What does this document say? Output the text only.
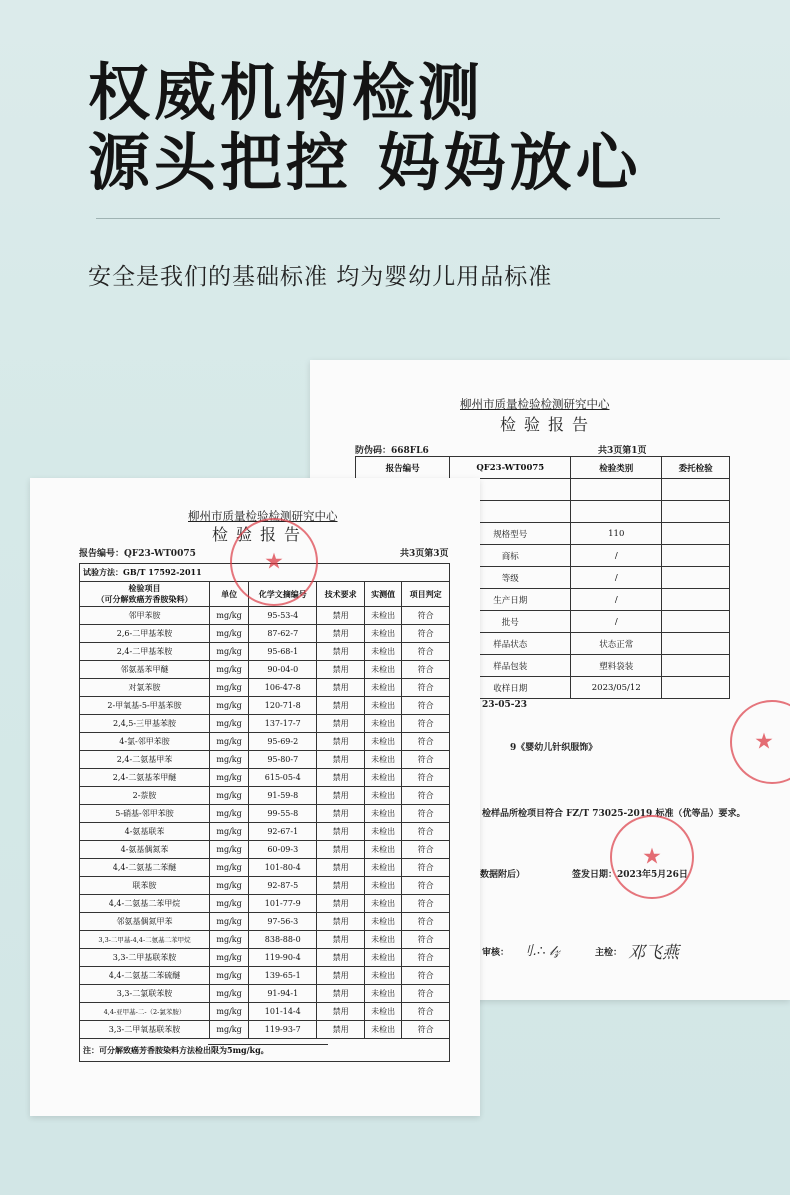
权威机构检测
源头把控 妈妈放心
安全是我们的基础标准 均为婴幼儿用品标准
柳州市质量检验检测研究中心
检验报告
防伪码：668FL6	共3页第1页
报告编号	QF23-WT0075	检验类别	委托检验

	规格型号	110	
	商标	/	
	等级	/	
	生产日期	/	
	批号	/	
	样品状态	状态正常	
	样品包装	塑料袋装	
	收样日期	2023/05/12	
23-05-23
9《婴幼儿针织服饰》
检样品所检项目符合 FZ/T 73025-2019 标准（优等品）要求。
数据附后）	签发日期：2023年5月26日
审核： 刂.∴ 𝓁𝓏	主检： 邓飞燕
★
★
柳州市质量检验检测研究中心
检验报告
报告编号：QF23-WT0075	共3页第3页
试验方法：GB/T 17592-2011					
检验项目
（可分解致癌芳香胺染料）	单位	化学文摘编号	技术要求	实测值	项目判定
邻甲苯胺	mg/kg	95-53-4	禁用	未检出	符合
2,6-二甲基苯胺	mg/kg	87-62-7	禁用	未检出	符合
2,4-二甲基苯胺	mg/kg	95-68-1	禁用	未检出	符合
邻氨基苯甲醚	mg/kg	90-04-0	禁用	未检出	符合
对氯苯胺	mg/kg	106-47-8	禁用	未检出	符合
2-甲氧基-5-甲基苯胺	mg/kg	120-71-8	禁用	未检出	符合
2,4,5-三甲基苯胺	mg/kg	137-17-7	禁用	未检出	符合
4-氯-邻甲苯胺	mg/kg	95-69-2	禁用	未检出	符合
2,4-二氨基甲苯	mg/kg	95-80-7	禁用	未检出	符合
2,4-二氨基苯甲醚	mg/kg	615-05-4	禁用	未检出	符合
2-萘胺	mg/kg	91-59-8	禁用	未检出	符合
5-硝基-邻甲苯胺	mg/kg	99-55-8	禁用	未检出	符合
4-氨基联苯	mg/kg	92-67-1	禁用	未检出	符合
4-氨基偶氮苯	mg/kg	60-09-3	禁用	未检出	符合
4,4-二氨基二苯醚	mg/kg	101-80-4	禁用	未检出	符合
联苯胺	mg/kg	92-87-5	禁用	未检出	符合
4,4-二氨基二苯甲烷	mg/kg	101-77-9	禁用	未检出	符合
邻氨基偶氮甲苯	mg/kg	97-56-3	禁用	未检出	符合
3,3-二甲基-4,4-二氨基二苯甲烷	mg/kg	838-88-0	禁用	未检出	符合
3,3-二甲基联苯胺	mg/kg	119-90-4	禁用	未检出	符合
4,4-二氨基二苯硫醚	mg/kg	139-65-1	禁用	未检出	符合
3,3-二氯联苯胺	mg/kg	91-94-1	禁用	未检出	符合
4,4-亚甲基-二-（2-氯苯胺）	mg/kg	101-14-4	禁用	未检出	符合
3,3-二甲氧基联苯胺	mg/kg	119-93-7	禁用	未检出	符合
注：可分解致癌芳香胺染料方法检出限为5mg/kg。					
★
